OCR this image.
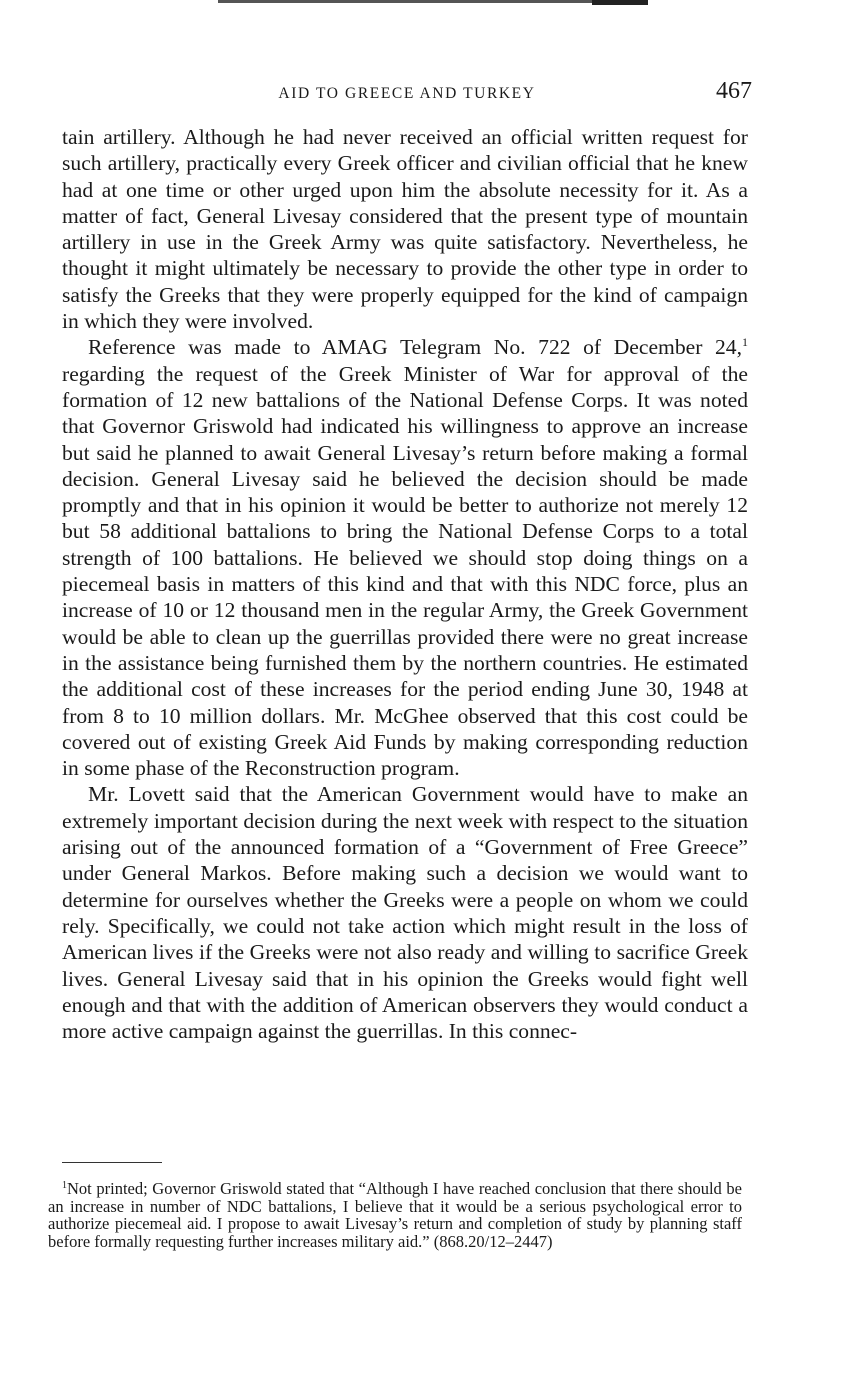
AID TO GREECE AND TURKEY	467

tain artillery. Although he had never received an official written request for such artillery, practically every Greek officer and civilian official that he knew had at one time or other urged upon him the absolute necessity for it. As a matter of fact, General Livesay considered that the present type of mountain artillery in use in the Greek Army was quite satisfactory. Nevertheless, he thought it might ultimately be necessary to provide the other type in order to satisfy the Greeks that they were properly equipped for the kind of campaign in which they were involved.

Reference was made to AMAG Telegram No. 722 of December 24,$^1$ regarding the request of the Greek Minister of War for approval of the formation of 12 new battalions of the National Defense Corps. It was noted that Governor Griswold had indicated his willingness to approve an increase but said he planned to await General Livesay’s return before making a formal decision. General Livesay said he believed the decision should be made promptly and that in his opinion it would be better to authorize not merely 12 but 58 additional battalions to bring the National Defense Corps to a total strength of 100 battalions. He believed we should stop doing things on a piecemeal basis in matters of this kind and that with this NDC force, plus an increase of 10 or 12 thousand men in the regular Army, the Greek Government would be able to clean up the guerrillas provided there were no great increase in the assistance being furnished them by the northern countries. He estimated the additional cost of these increases for the period ending June 30, 1948 at from 8 to 10 million dollars. Mr. McGhee observed that this cost could be covered out of existing Greek Aid Funds by making corresponding reduction in some phase of the Reconstruction program.

Mr. Lovett said that the American Government would have to make an extremely important decision during the next week with respect to the situation arising out of the announced formation of a “Government of Free Greece” under General Markos. Before making such a decision we would want to determine for ourselves whether the Greeks were a people on whom we could rely. Specifically, we could not take action which might result in the loss of American lives if the Greeks were not also ready and willing to sacrifice Greek lives. General Livesay said that in his opinion the Greeks would fight well enough and that with the addition of American observers they would conduct a more active campaign against the guerrillas. In this connec-

$^1$Not printed; Governor Griswold stated that “Although I have reached conclusion that there should be an increase in number of NDC battalions, I believe that it would be a serious psychological error to authorize piecemeal aid. I propose to await Livesay’s return and completion of study by planning staff before formally requesting further increases military aid.” (868.20/12–2447)
